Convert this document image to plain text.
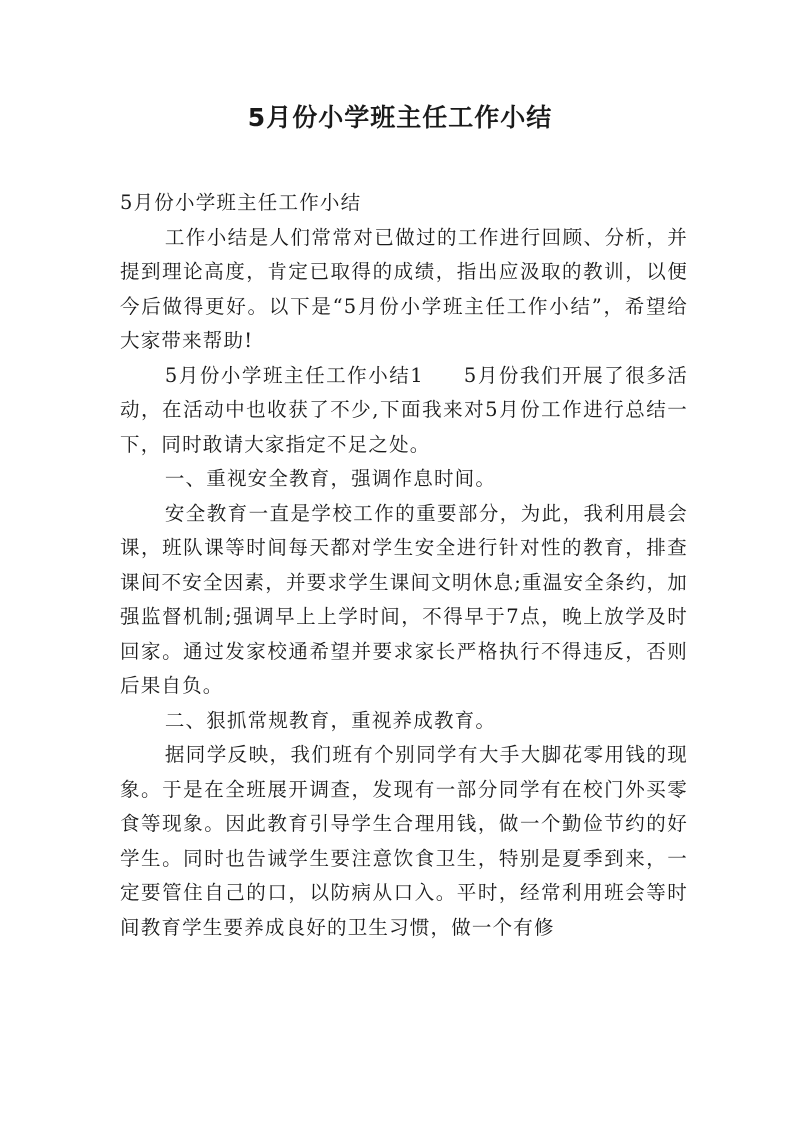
5月份小学班主任工作小结

5月份小学班主任工作小结

工作小结是人们常常对已做过的工作进行回顾、分析，并提到理论高度，肯定已取得的成绩，指出应汲取的教训，以便今后做得更好。以下是“5月份小学班主任工作小结”，希望给大家带来帮助!

5月份小学班主任工作小结1 5月份我们开展了很多活动，在活动中也收获了不少,下面我来对5月份工作进行总结一下，同时敢请大家指定不足之处。

一、重视安全教育，强调作息时间。

安全教育一直是学校工作的重要部分，为此，我利用晨会课，班队课等时间每天都对学生安全进行针对性的教育，排查课间不安全因素，并要求学生课间文明休息;重温安全条约，加强监督机制;强调早上上学时间，不得早于7点，晚上放学及时回家。通过发家校通希望并要求家长严格执行不得违反，否则后果自负。

二、狠抓常规教育，重视养成教育。

据同学反映，我们班有个别同学有大手大脚花零用钱的现象。于是在全班展开调查，发现有一部分同学有在校门外买零食等现象。因此教育引导学生合理用钱，做一个勤俭节约的好学生。同时也告诫学生要注意饮食卫生，特别是夏季到来，一定要管住自己的口，以防病从口入。平时，经常利用班会等时间教育学生要养成良好的卫生习惯，做一个有修
